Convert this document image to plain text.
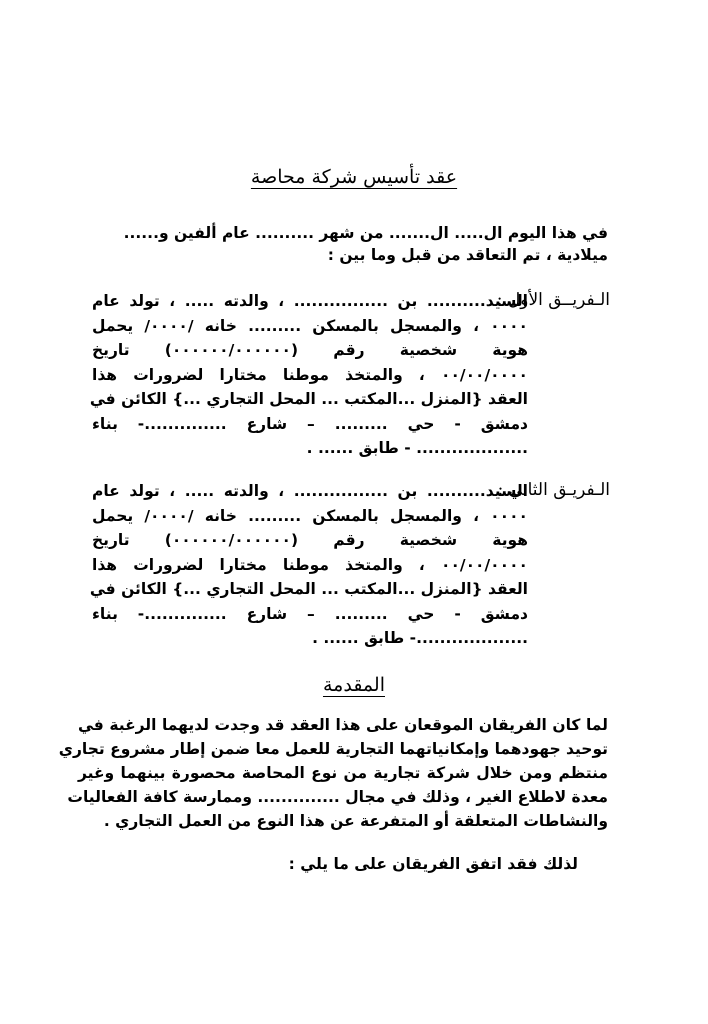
عقد تأسيس شركة محاصة
في هذا اليوم ال..... ال....... من شهر .......... عام ألفين و......
ميلادية ، تم التعاقد من قبل وما بين :
الـفريــق الأول :
السيد.......... بن ................ ، والدته ..... ، تولد عام
٠٠٠٠ ، والمسجل بالمسكن ......... خانه /٠٠٠٠/ يحمل
هوية شخصية رقم (٠٠٠٠٠٠/٠٠٠٠٠٠) تاريخ
٠٠/٠٠/٠٠٠٠ ، والمتخذ موطنا مختارا لضرورات هذا
العقد {المنزل ...المكتب ... المحل التجاري ...} الكائن في
دمشق - حي ......... – شارع ..............- بناء
................... - طابق ...... .
الـفريـق الثاني :
السيد.......... بن ................ ، والدته ..... ، تولد عام
٠٠٠٠ ، والمسجل بالمسكن ......... خانه /٠٠٠٠/ يحمل
هوية شخصية رقم (٠٠٠٠٠٠/٠٠٠٠٠٠) تاريخ
٠٠/٠٠/٠٠٠٠ ، والمتخذ موطنا مختارا لضرورات هذا
العقد {المنزل ...المكتب ... المحل التجاري ...} الكائن في
دمشق - حي ......... – شارع ..............- بناء
...................- طابق ...... .
المقدمة
لما كان الفريقان الموقعان على هذا العقد قد وجدت لديهما الرغبة في
توحيد جهودهما وإمكانياتهما التجارية للعمل معا ضمن إطار مشروع تجاري
منتظم ومن خلال شركة تجارية من نوع المحاصة محصورة بينهما وغير
معدة لاطلاع الغير ، وذلك في مجال .............. وممارسة كافة الفعاليات
والنشاطات المتعلقة أو المتفرعة عن هذا النوع من العمل التجاري .
لذلك فقد اتفق الفريقان على ما يلي :
